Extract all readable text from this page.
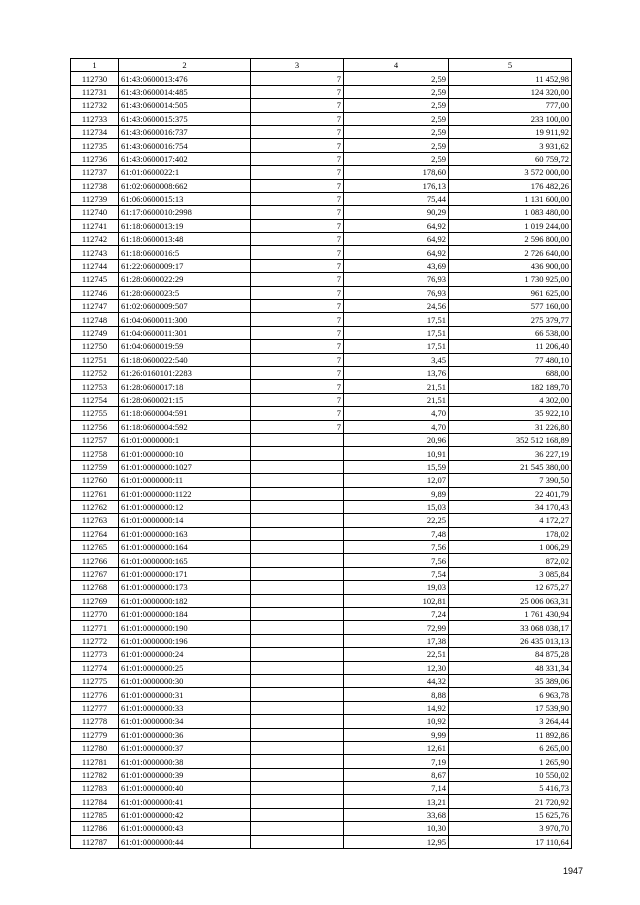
1	2	3	4	5
112730	61:43:0600013:476	7	2,59	11 452,98
112731	61:43:0600014:485	7	2,59	124 320,00
112732	61:43:0600014:505	7	2,59	777,00
112733	61:43:0600015:375	7	2,59	233 100,00
112734	61:43:0600016:737	7	2,59	19 911,92
112735	61:43:0600016:754	7	2,59	3 931,62
112736	61:43:0600017:402	7	2,59	60 759,72
112737	61:01:0600022:1	7	178,60	3 572 000,00
112738	61:02:0600008:662	7	176,13	176 482,26
112739	61:06:0600015:13	7	75,44	1 131 600,00
112740	61:17:0600010:2998	7	90,29	1 083 480,00
112741	61:18:0600013:19	7	64,92	1 019 244,00
112742	61:18:0600013:48	7	64,92	2 596 800,00
112743	61:18:0600016:5	7	64,92	2 726 640,00
112744	61:22:0600009:17	7	43,69	436 900,00
112745	61:28:0600022:29	7	76,93	1 730 925,00
112746	61:28:0600023:5	7	76,93	961 625,00
112747	61:02:0600009:507	7	24,56	577 160,00
112748	61:04:0600011:300	7	17,51	275 379,77
112749	61:04:0600011:301	7	17,51	66 538,00
112750	61:04:0600019:59	7	17,51	11 206,40
112751	61:18:0600022:540	7	3,45	77 480,10
112752	61:26:0160101:2283	7	13,76	688,00
112753	61:28:0600017:18	7	21,51	182 189,70
112754	61:28:0600021:15	7	21,51	4 302,00
112755	61:18:0600004:591	7	4,70	35 922,10
112756	61:18:0600004:592	7	4,70	31 226,80
112757	61:01:0000000:1		20,96	352 512 168,89
112758	61:01:0000000:10		10,91	36 227,19
112759	61:01:0000000:1027		15,59	21 545 380,00
112760	61:01:0000000:11		12,07	7 390,50
112761	61:01:0000000:1122		9,89	22 401,79
112762	61:01:0000000:12		15,03	34 170,43
112763	61:01:0000000:14		22,25	4 172,27
112764	61:01:0000000:163		7,48	178,02
112765	61:01:0000000:164		7,56	1 006,29
112766	61:01:0000000:165		7,56	872,02
112767	61:01:0000000:171		7,54	3 085,84
112768	61:01:0000000:173		19,03	12 675,27
112769	61:01:0000000:182		102,81	25 006 063,31
112770	61:01:0000000:184		7,24	1 761 430,94
112771	61:01:0000000:190		72,99	33 068 038,17
112772	61:01:0000000:196		17,38	26 435 013,13
112773	61:01:0000000:24		22,51	84 875,28
112774	61:01:0000000:25		12,30	48 331,34
112775	61:01:0000000:30		44,32	35 389,06
112776	61:01:0000000:31		8,88	6 963,78
112777	61:01:0000000:33		14,92	17 539,90
112778	61:01:0000000:34		10,92	3 264,44
112779	61:01:0000000:36		9,99	11 892,86
112780	61:01:0000000:37		12,61	6 265,00
112781	61:01:0000000:38		7,19	1 265,90
112782	61:01:0000000:39		8,67	10 550,02
112783	61:01:0000000:40		7,14	5 416,73
112784	61:01:0000000:41		13,21	21 720,92
112785	61:01:0000000:42		33,68	15 625,76
112786	61:01:0000000:43		10,30	3 970,70
112787	61:01:0000000:44		12,95	17 110,64
1947
